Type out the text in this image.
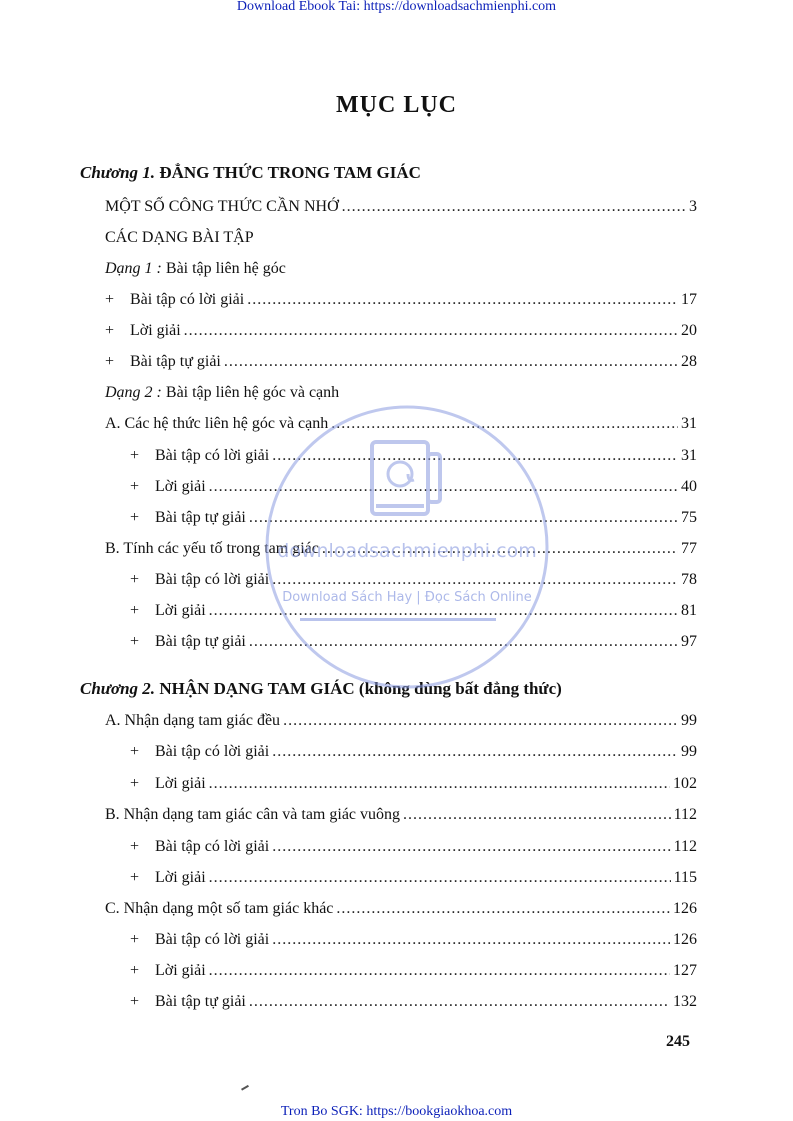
Download Ebook Tai: https://downloadsachmienphi.com
MỤC LỤC
Chương 1. ĐẲNG THỨC TRONG TAM GIÁC
MỘT SỐ CÔNG THỨC CẦN NHỚ .....	3
CÁC DẠNG BÀI TẬP
Dạng 1 : Bài tập liên hệ góc
+ Bài tập có lời giải .....	17
+ Lời giải .....	20
+ Bài tập tự giải .....	28
Dạng 2 : Bài tập liên hệ góc và cạnh
A. Các hệ thức liên hệ góc và cạnh .....	31
+ Bài tập có lời giải .....	31
+ Lời giải .....	40
+ Bài tập tự giải .....	75
B. Tính các yếu tố trong tam giác .....	77
+ Bài tập có lời giải .....	78
+ Lời giải .....	81
+ Bài tập tự giải .....	97
Chương 2. NHẬN DẠNG TAM GIÁC (không dùng bất đẳng thức)
A. Nhận dạng tam giác đều .....	99
+ Bài tập có lời giải .....	99
+ Lời giải .....	102
B. Nhận dạng tam giác cân và tam giác vuông .....	112
+ Bài tập có lời giải .....	112
+ Lời giải .....	115
C. Nhận dạng một số tam giác khác .....	126
+ Bài tập có lời giải .....	126
+ Lời giải .....	127
+ Bài tập tự giải .....	132
downloadsachmienphi.com
Download Sách Hay | Đọc Sách Online
245
Tron Bo SGK: https://bookgiaokhoa.com
